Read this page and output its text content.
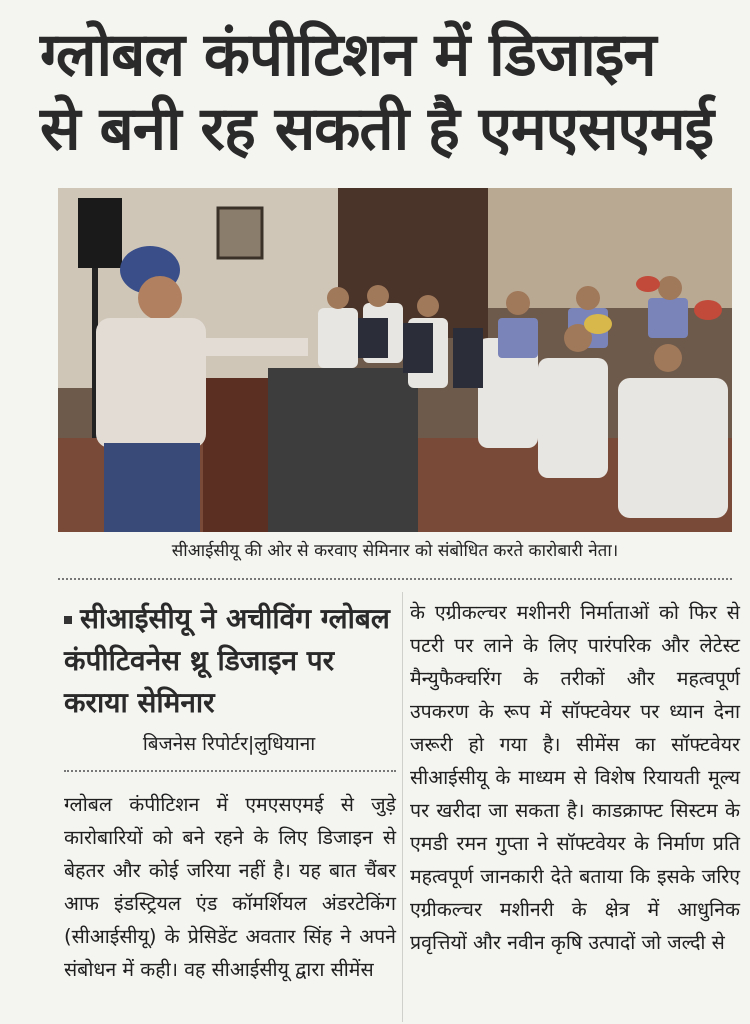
ग्लोबल कंपीटिशन में डिजाइन
से बनी रह सकती है एमएसएमई
सीआईसीयू की ओर से करवाए सेमिनार को संबोधित करते कारोबारी नेता।
सीआईसीयू ने अचीविंग ग्लोबल कंपीटिवनेस थ्रू डिजाइन पर कराया सेमिनार
बिजनेस रिपोर्टर|लुधियाना

ग्लोबल कंपीटिशन में एमएसएमई से जुड़े कारोबारियों को बने रहने के लिए डिजाइन से बेहतर और कोई जरिया नहीं है। यह बात चैंबर आफ इंडस्ट्रियल एंड कॉमर्शियल अंडरटेकिंग (सीआईसीयू) के प्रेसिडेंट अवतार सिंह ने अपने संबोधन में कही। वह सीआईसीयू द्वारा सीमेंस

के एग्रीकल्चर मशीनरी निर्माताओं को फिर से पटरी पर लाने के लिए पारंपरिक और लेटेस्ट मैन्युफैक्चरिंग के तरीकों और महत्वपूर्ण उपकरण के रूप में सॉफ्टवेयर पर ध्यान देना जरूरी हो गया है। सीमेंस का सॉफ्टवेयर सीआईसीयू के माध्यम से विशेष रियायती मूल्य पर खरीदा जा सकता है। काडक्राफ्ट सिस्टम के एमडी रमन गुप्ता ने सॉफ्टवेयर के निर्माण प्रति महत्वपूर्ण जानकारी देते बताया कि इसके जरिए एग्रीकल्चर मशीनरी के क्षेत्र में आधुनिक प्रवृत्तियों और नवीन कृषि उत्पादों जो जल्दी से
